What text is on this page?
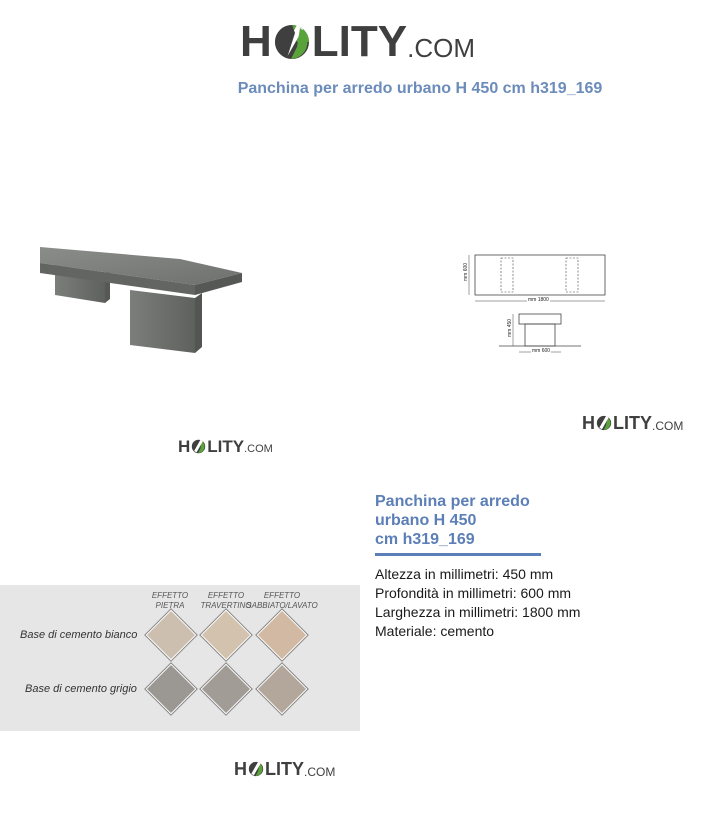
H LITY .COM
Panchina per arredo urbano H 450 cm h319_169
H LITY .COM
mm 600
mm 1800
mm 450
mm 600
H LITY .COM
Panchina per arredo
urbano H 450
cm h319_169
Altezza in millimetri: 450 mm
Profondità in millimetri: 600 mm
Larghezza in millimetri: 1800 mm
Materiale: cemento
EFFETTO
PIETRA
EFFETTO
TRAVERTINO
EFFETTO
SABBIATO/LAVATO
Base di cemento bianco
Base di cemento grigio
H LITY .COM
